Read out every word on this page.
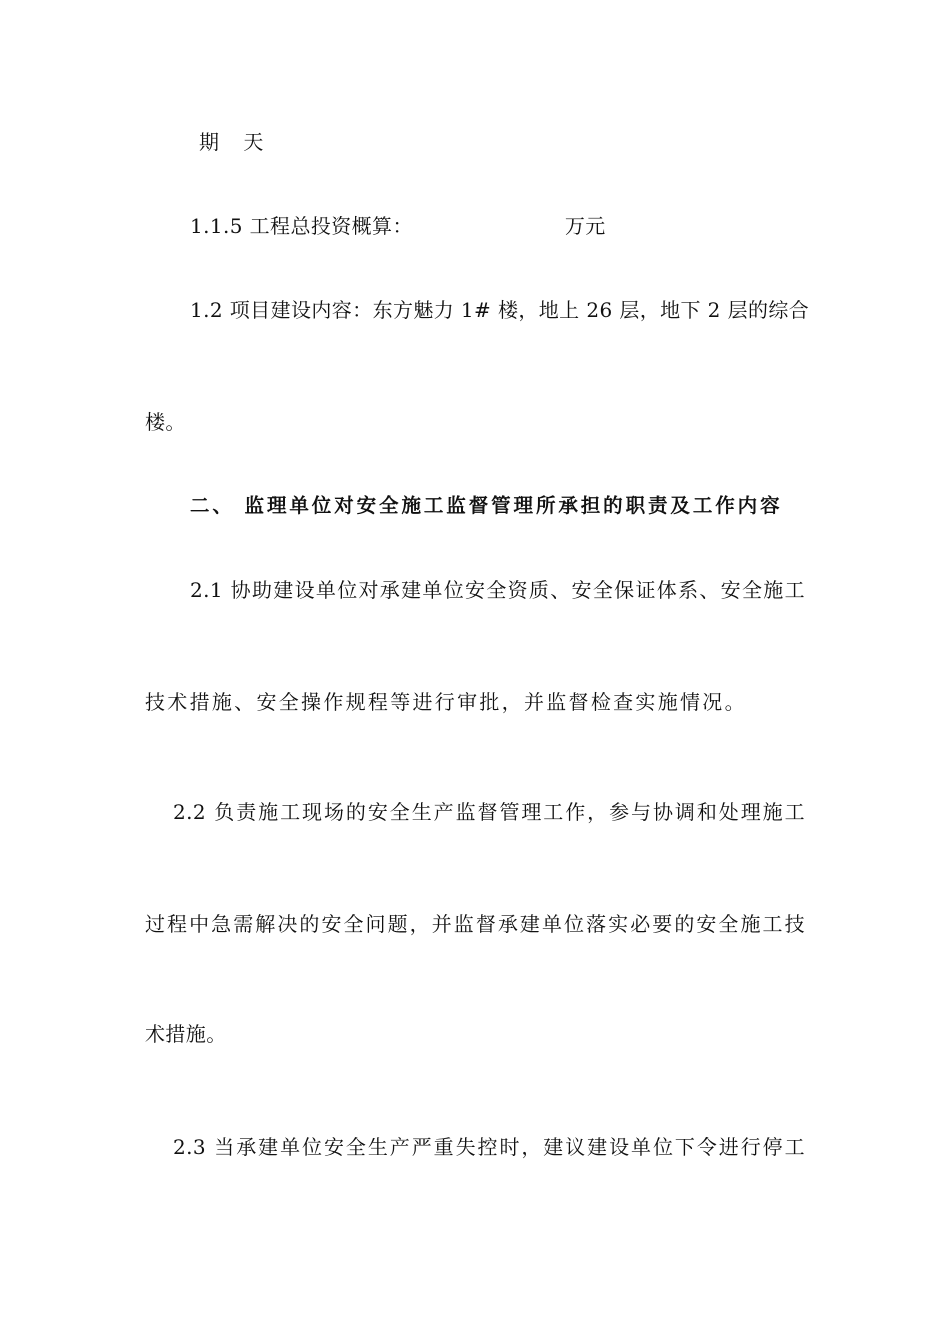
期 天
1.1.5 工程总投资概算：	万元
1.2 项目建设内容：东方魅力 1# 楼，地上 26 层，地下 2 层的综合
楼。
二、 监理单位对安全施工监督管理所承担的职责及工作内容
2.1 协助建设单位对承建单位安全资质、安全保证体系、安全施工
技术措施、安全操作规程等进行审批，并监督检查实施情况。
2.2 负责施工现场的安全生产监督管理工作，参与协调和处理施工
过程中急需解决的安全问题，并监督承建单位落实必要的安全施工技
术措施。
2.3 当承建单位安全生产严重失控时，建议建设单位下令进行停工
